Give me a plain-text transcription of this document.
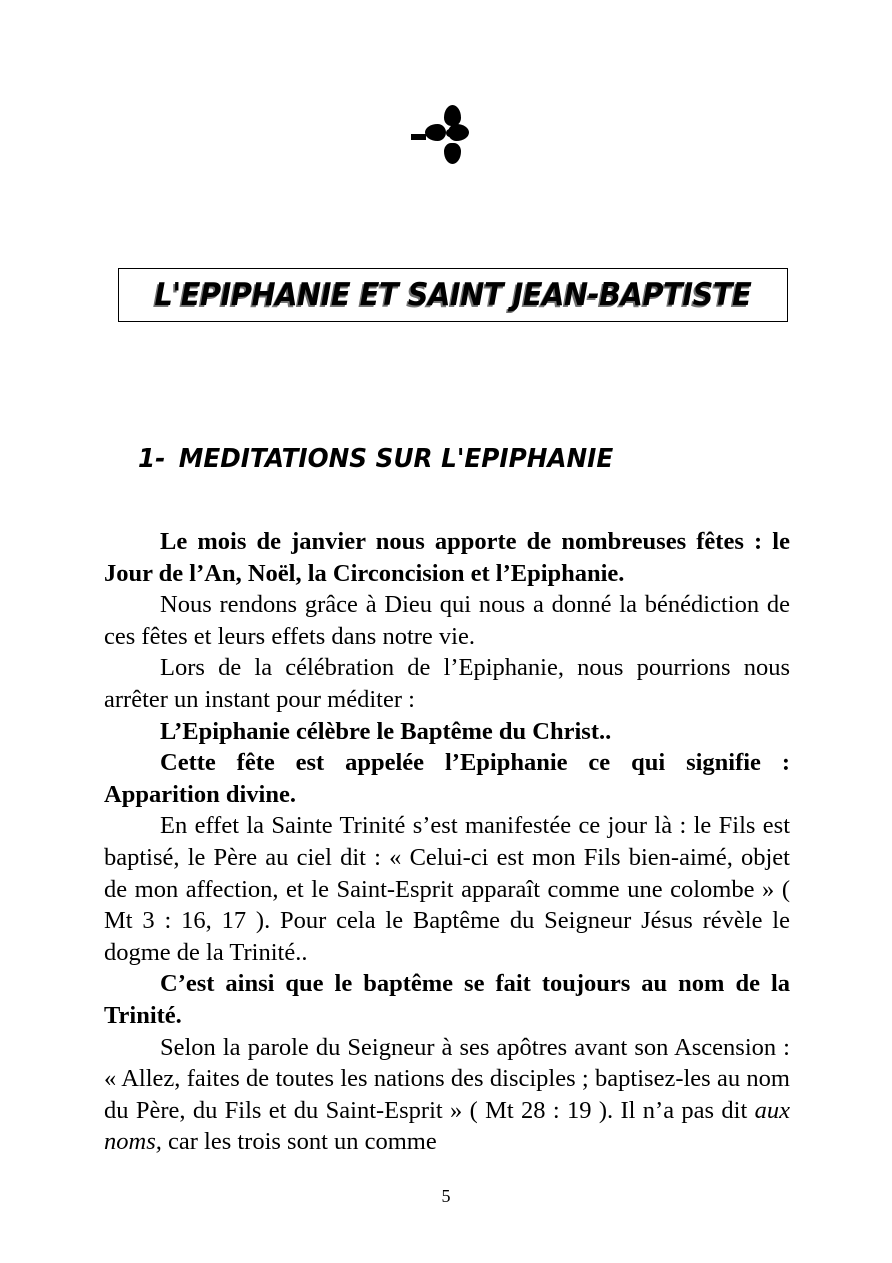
L'EPIPHANIE ET SAINT JEAN-BAPTISTE
1- MEDITATIONS SUR L'EPIPHANIE

Le mois de janvier nous apporte de nombreuses fêtes : le Jour de l’An, Noël, la Circoncision et l’Epiphanie.

Nous rendons grâce à Dieu qui nous a donné la bénédiction de ces fêtes et leurs effets dans notre vie.

Lors de la célébration de l’Epiphanie, nous pourrions nous arrêter un instant pour méditer :

L’Epiphanie célèbre le Baptême du Christ..

Cette fête est appelée l’Epiphanie ce qui signifie : Apparition divine.

En effet la Sainte Trinité s’est manifestée ce jour là : le Fils est baptisé, le Père au ciel dit : « Celui-ci est mon Fils bien-aimé, objet de mon affection, et le Saint-Esprit apparaît comme une colombe » ( Mt 3 : 16, 17 ). Pour cela le Baptême du Seigneur Jésus révèle le dogme de la Trinité..

C’est ainsi que le baptême se fait toujours au nom de la Trinité.

Selon la parole du Seigneur à ses apôtres avant son Ascension : « Allez, faites de toutes les nations des disciples ; baptisez-les au nom du Père, du Fils et du Saint-Esprit » ( Mt 28 : 19 ). Il n’a pas dit aux noms, car les trois sont un comme

5
